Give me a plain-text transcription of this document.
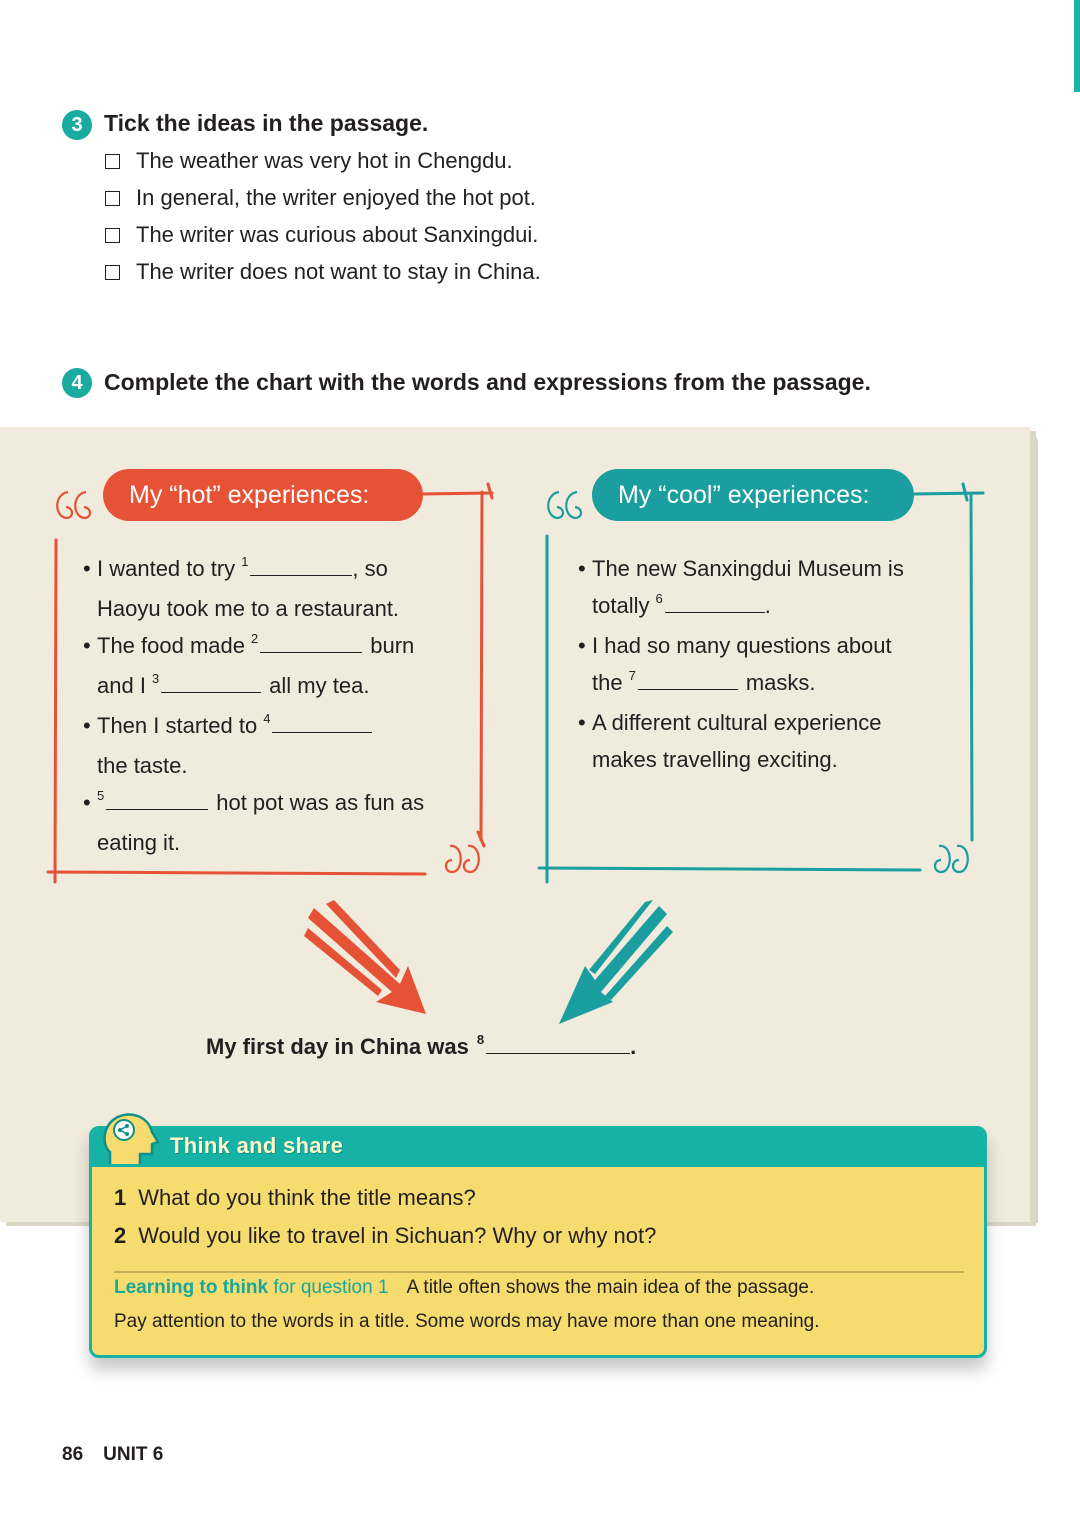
3 Tick the ideas in the passage.
The weather was very hot in Chengdu.
In general, the writer enjoyed the hot pot.
The writer was curious about Sanxingdui.
The writer does not want to stay in China.
4 Complete the chart with the words and expressions from the passage.
My “hot” experiences:	My “cool” experiences:
• I wanted to try $^1$	, so
Haoyu took me to a restaurant.
• The food made $^2$	burn
and I $^3$	all my tea.
• Then I started to $^4$
the taste.
• $^5$	hot pot was as fun as
eating it.
• The new Sanxingdui Museum is
totally $^6$	.
• I had so many questions about
the $^7$	masks.
• A different cultural experience
makes travelling exciting.
My first day in China was $^8$	.
Think and share
1 What do you think the title means?
2 Would you like to travel in Sichuan? Why or why not?
Learning to think for question 1 A title often shows the main idea of the passage.
Pay attention to the words in a title. Some words may have more than one meaning.
86 UNIT 6
